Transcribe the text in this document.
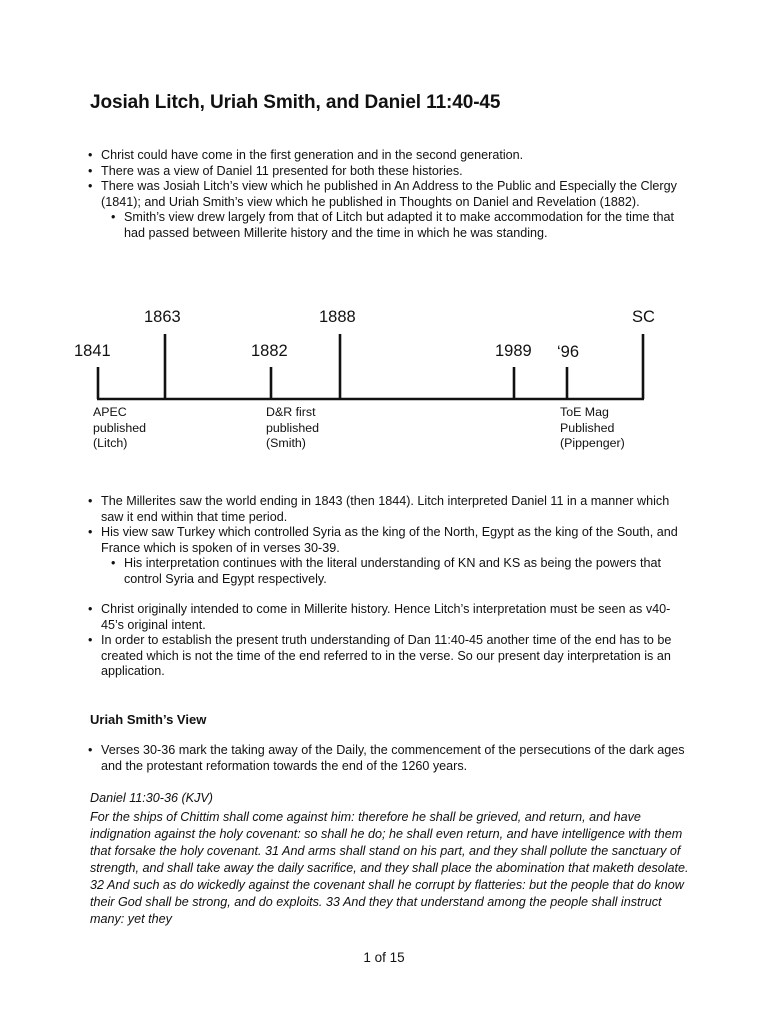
Josiah Litch, Uriah Smith, and Daniel 11:40-45
• Christ could have come in the first generation and in the second generation.
• There was a view of Daniel 11 presented for both these histories.
• There was Josiah Litch’s view which he published in An Address to the Public and Especially the Clergy (1841); and Uriah Smith’s view which he published in Thoughts on Daniel and Revelation (1882).
• Smith’s view drew largely from that of Litch but adapted it to make accommodation for the time that had passed between Millerite history and the time in which he was standing.
1841
1863
1882
1888
1989 ‘96
SC
APEC
published
(Litch)
D&R first
published
(Smith)
ToE Mag
Published
(Pippenger)
• The Millerites saw the world ending in 1843 (then 1844). Litch interpreted Daniel 11 in a manner which saw it end within that time period.
• His view saw Turkey which controlled Syria as the king of the North, Egypt as the king of the South, and France which is spoken of in verses 30-39.
• His interpretation continues with the literal understanding of KN and KS as being the powers that control Syria and Egypt respectively.
• Christ originally intended to come in Millerite history. Hence Litch’s interpretation must be seen as v40-45’s original intent.
• In order to establish the present truth understanding of Dan 11:40-45 another time of the end has to be created which is not the time of the end referred to in the verse. So our present day interpretation is an application.
Uriah Smith’s View
• Verses 30-36 mark the taking away of the Daily, the commencement of the persecutions of the dark ages and the protestant reformation towards the end of the 1260 years.
Daniel 11:30-36 (KJV)

For the ships of Chittim shall come against him: therefore he shall be grieved, and return, and have indignation against the holy covenant: so shall he do; he shall even return, and have intelligence with them that forsake the holy covenant. 31 And arms shall stand on his part, and they shall pollute the sanctuary of strength, and shall take away the daily sacrifice, and they shall place the abomination that maketh desolate. 32 And such as do wickedly against the covenant shall he corrupt by flatteries: but the people that do know their God shall be strong, and do exploits. 33 And they that understand among the people shall instruct many: yet they

1 of 15
